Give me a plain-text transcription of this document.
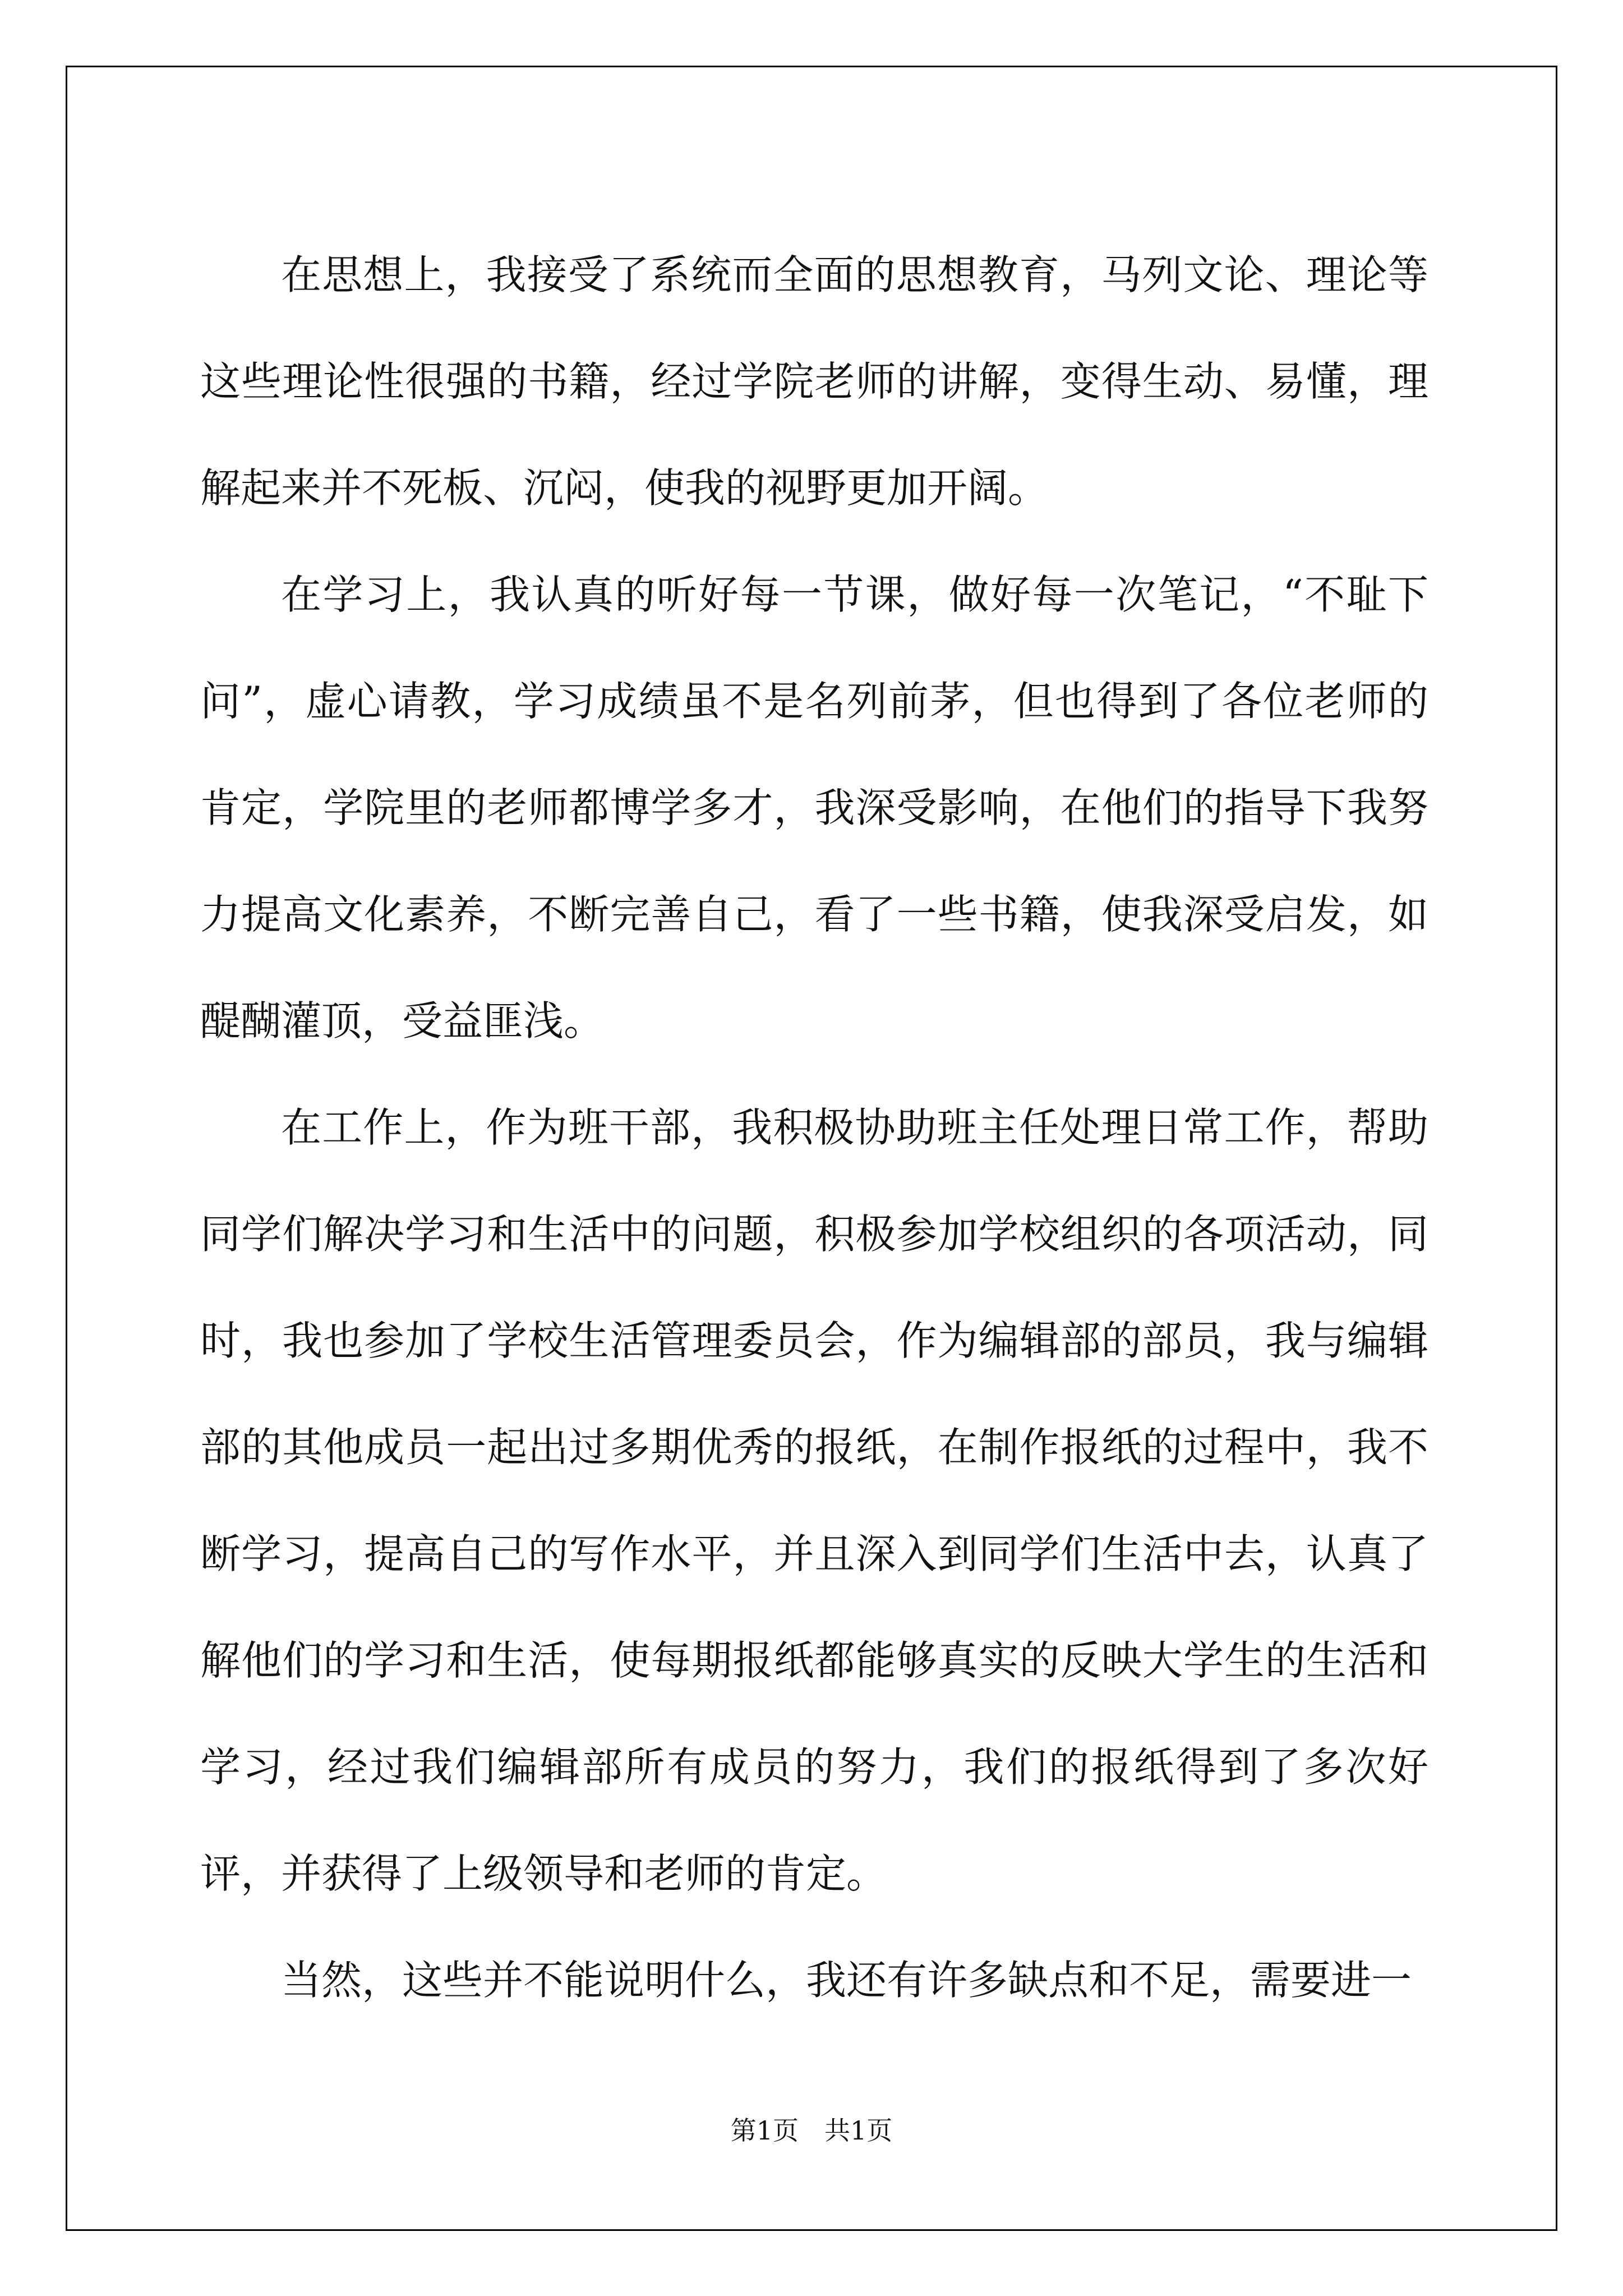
在思想上，我接受了系统而全面的思想教育，马列文论、理论等这些理论性很强的书籍，经过学院老师的讲解，变得生动、易懂，理解起来并不死板、沉闷，使我的视野更加开阔。

在学习上，我认真的听好每一节课，做好每一次笔记，“不耻下问”，虚心请教，学习成绩虽不是名列前茅，但也得到了各位老师的肯定，学院里的老师都博学多才，我深受影响，在他们的指导下我努力提高文化素养，不断完善自己，看了一些书籍，使我深受启发，如醍醐灌顶，受益匪浅。

在工作上，作为班干部，我积极协助班主任处理日常工作，帮助同学们解决学习和生活中的问题，积极参加学校组织的各项活动，同时，我也参加了学校生活管理委员会，作为编辑部的部员，我与编辑部的其他成员一起出过多期优秀的报纸，在制作报纸的过程中，我不断学习，提高自己的写作水平，并且深入到同学们生活中去，认真了解他们的学习和生活，使每期报纸都能够真实的反映大学生的生活和学习，经过我们编辑部所有成员的努力，我们的报纸得到了多次好评，并获得了上级领导和老师的肯定。

当然，这些并不能说明什么，我还有许多缺点和不足，需要进一

第1页 共1页
